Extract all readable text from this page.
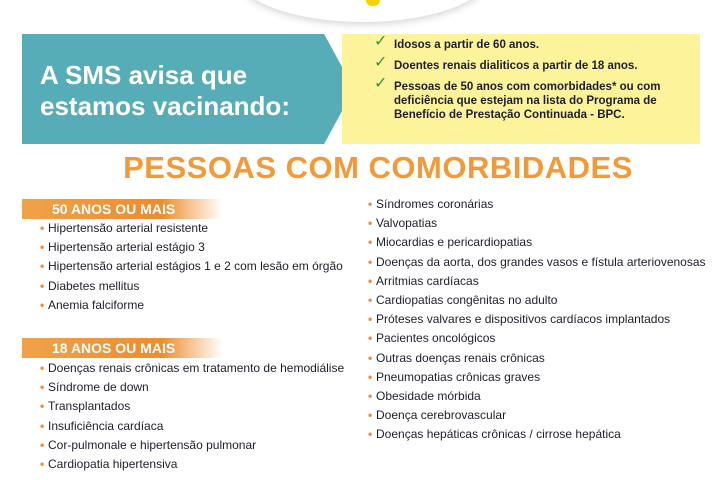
A SMS avisa que
estamos vacinando:
✓ Idosos a partir de 60 anos.
✓ Doentes renais dialiticos a partir de 18 anos.
✓ Pessoas de 50 anos com comorbidades* ou com deficiência que estejam na lista do Programa de Benefício de Prestação Continuada - BPC.
PESSOAS COM COMORBIDADES
50 ANOS OU MAIS
• Hipertensão arterial resistente
• Hipertensão arterial estágio 3
• Hipertensão arterial estágios 1 e 2 com lesão em órgão
• Diabetes mellitus
• Anemia falciforme
18 ANOS OU MAIS
• Doenças renais crônicas em tratamento de hemodiálise
• Síndrome de down
• Transplantados
• Insuficiência cardíaca
• Cor-pulmonale e hipertensão pulmonar
• Cardiopatia hipertensiva
• Síndromes coronárias
• Valvopatias
• Miocardias e pericardiopatias
• Doenças da aorta, dos grandes vasos e fístula arteriovenosas
• Arritmias cardíacas
• Cardiopatias congênitas no adulto
• Próteses valvares e dispositivos cardíacos implantados
• Pacientes oncológicos
• Outras doenças renais crônicas
• Pneumopatias crônicas graves
• Obesidade mórbida
• Doença cerebrovascular
• Doenças hepáticas crônicas / cirrose hepática
